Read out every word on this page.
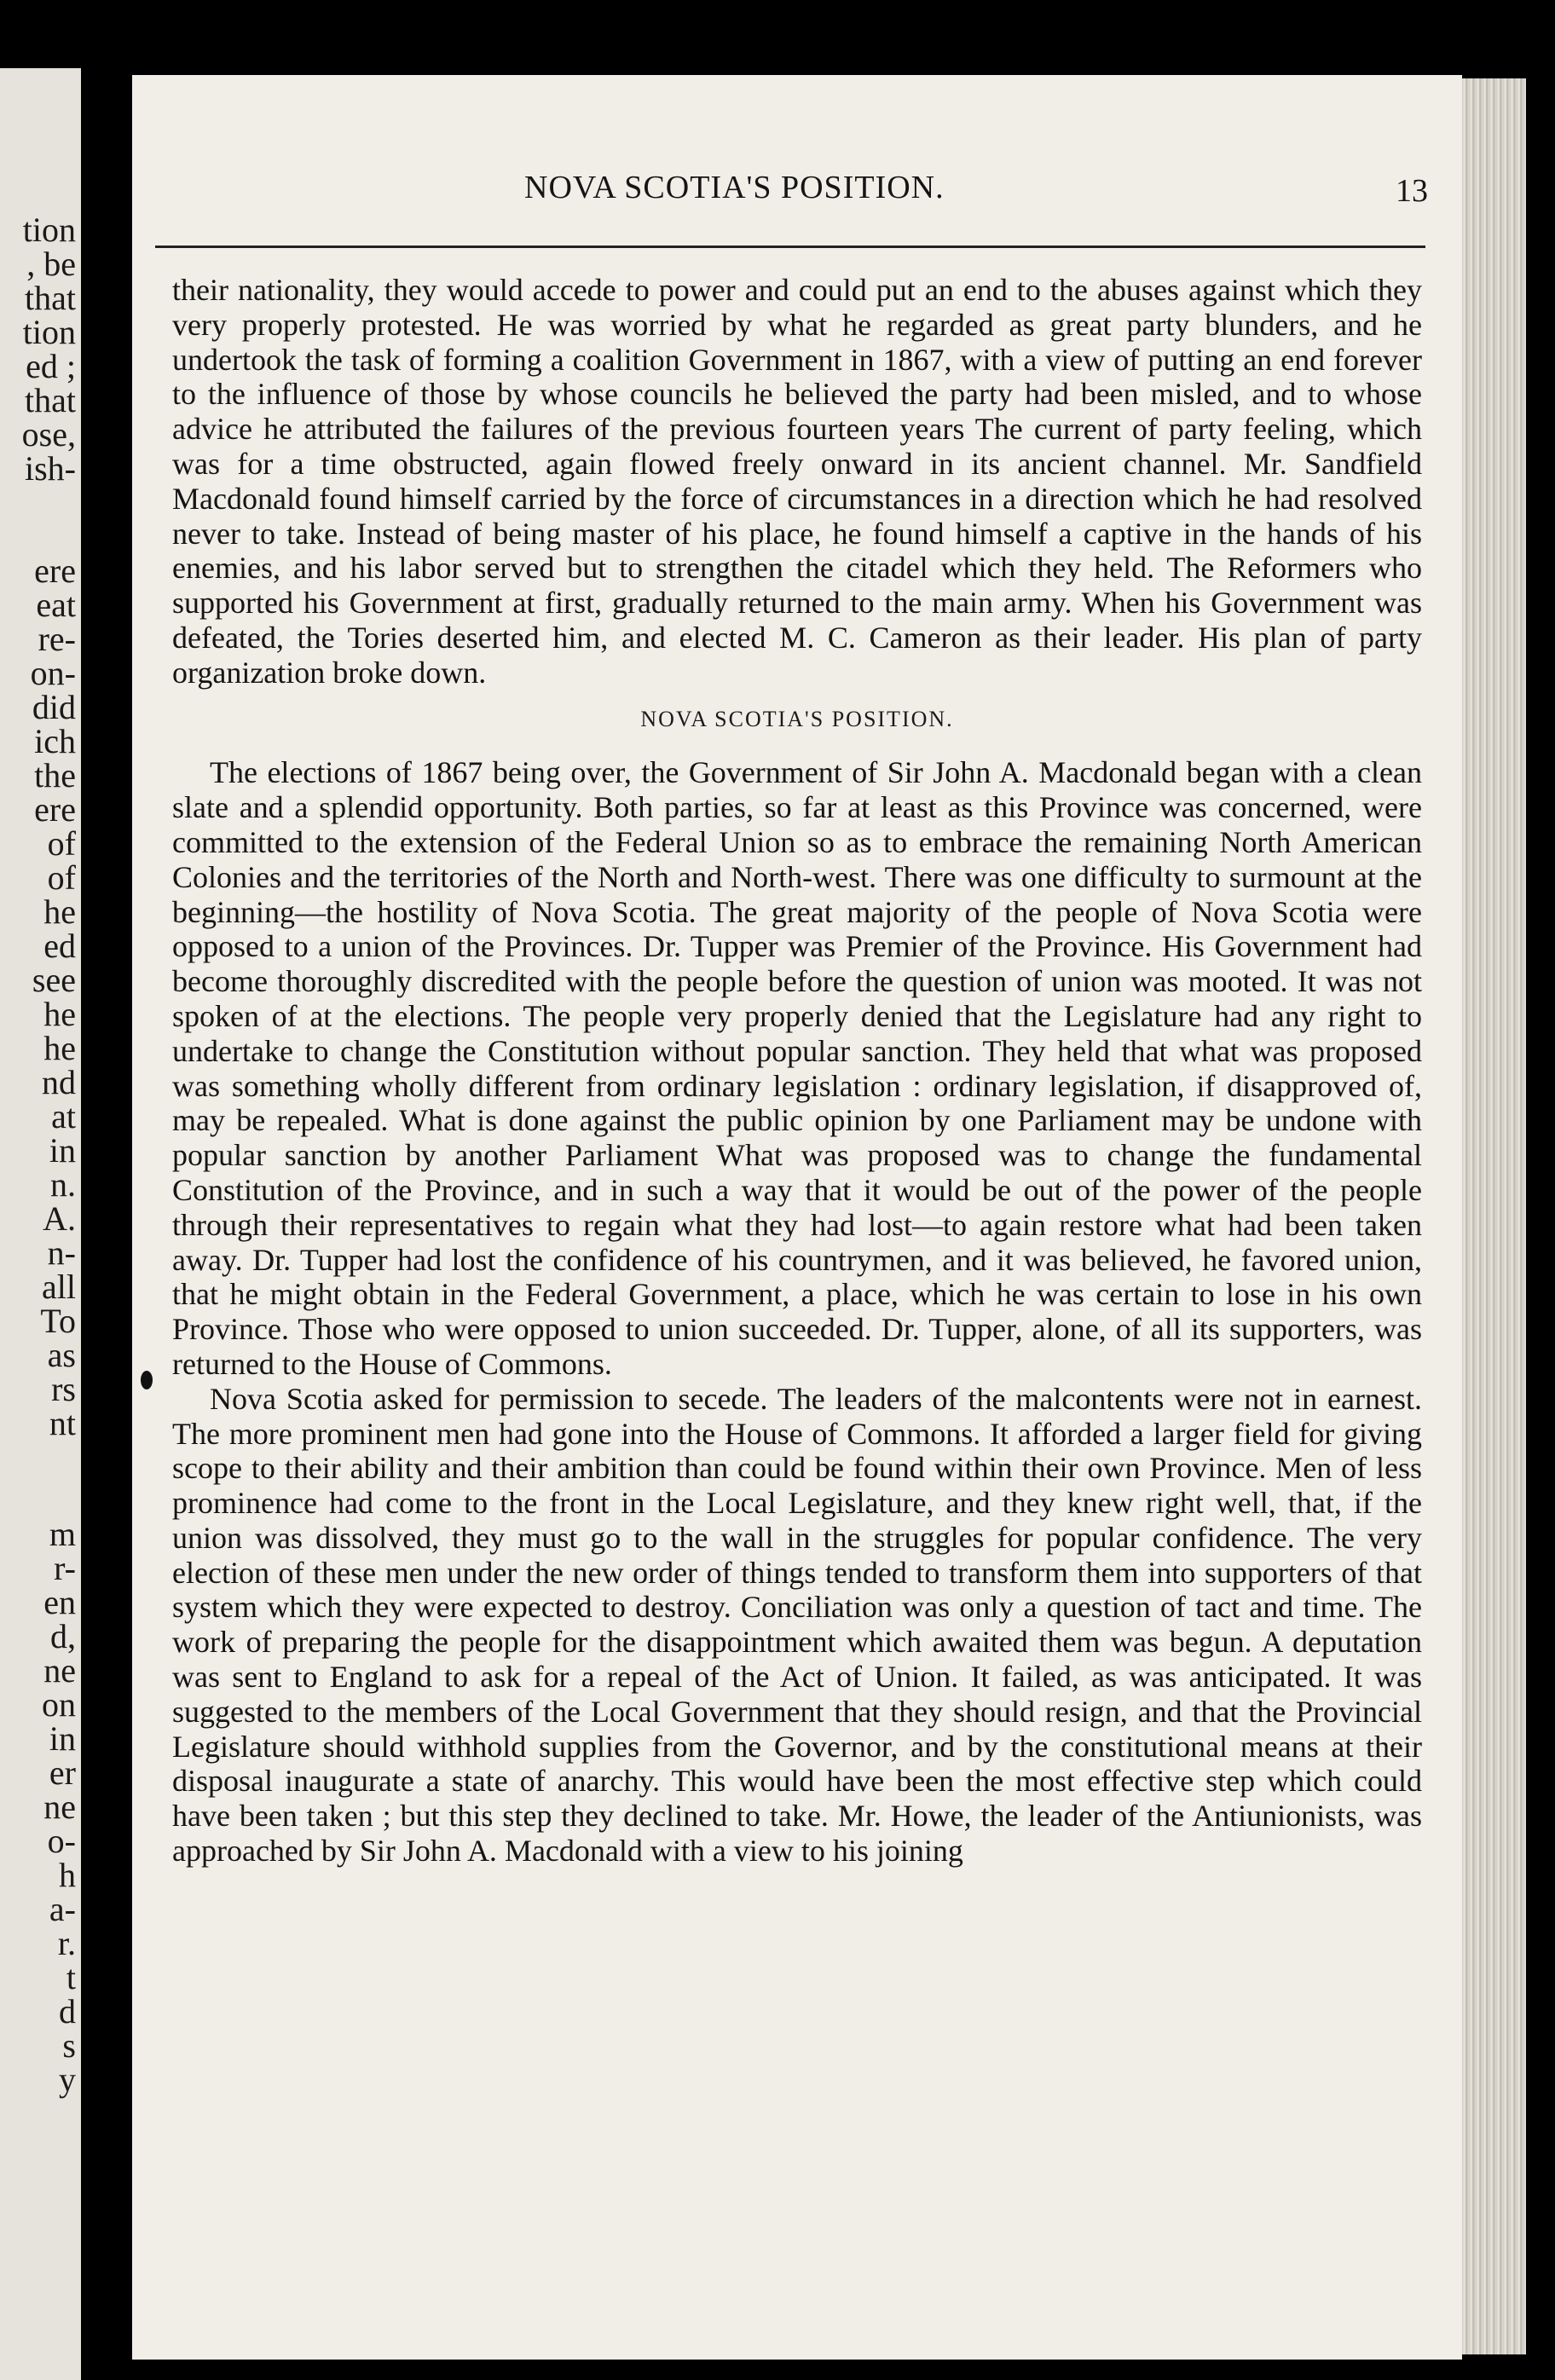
tion
, be
that
tion
ed ;
that
ose,
ish-
ere
eat
re-
on-
did
ich
the
ere
of
of
he
ed
see
he
he
nd
at
in
n.
A.
n-
all
To
as
rs
nt
m
r-
en
d,
ne
on
in
er
ne
o-
h
a-
r.
t
d
s
y
NOVA SCOTIA'S POSITION.	13

their nationality, they would accede to power and could put an end to the abuses against which they very properly protested. He was worried by what he regarded as great party blunders, and he undertook the task of forming a coalition Government in 1867, with a view of putting an end forever to the influence of those by whose councils he believed the party had been misled, and to whose advice he attributed the failures of the previous fourteen years The current of party feeling, which was for a time obstructed, again flowed freely onward in its ancient channel. Mr. Sandfield Macdonald found himself carried by the force of circumstances in a direction which he had resolved never to take. Instead of being master of his place, he found himself a captive in the hands of his enemies, and his labor served but to strengthen the citadel which they held. The Reformers who supported his Government at first, gradually returned to the main army. When his Government was defeated, the Tories deserted him, and elected M. C. Cameron as their leader. His plan of party organization broke down.

NOVA SCOTIA'S POSITION.

The elections of 1867 being over, the Government of Sir John A. Macdonald began with a clean slate and a splendid opportunity. Both parties, so far at least as this Province was concerned, were committed to the extension of the Federal Union so as to embrace the remaining North American Colonies and the territories of the North and North-west. There was one difficulty to surmount at the beginning—the hostility of Nova Scotia. The great majority of the people of Nova Scotia were opposed to a union of the Provinces. Dr. Tupper was Premier of the Province. His Government had become thoroughly discredited with the people before the question of union was mooted. It was not spoken of at the elections. The people very properly denied that the Legislature had any right to undertake to change the Constitution without popular sanction. They held that what was proposed was something wholly different from ordinary legislation : ordinary legislation, if disapproved of, may be repealed. What is done against the public opinion by one Parliament may be undone with popular sanction by another Parliament What was proposed was to change the fundamental Constitution of the Province, and in such a way that it would be out of the power of the people through their representatives to regain what they had lost—to again restore what had been taken away. Dr. Tupper had lost the confidence of his countrymen, and it was believed, he favored union, that he might obtain in the Federal Government, a place, which he was certain to lose in his own Province. Those who were opposed to union succeeded. Dr. Tupper, alone, of all its supporters, was returned to the House of Commons.

Nova Scotia asked for permission to secede. The leaders of the malcontents were not in earnest. The more prominent men had gone into the House of Commons. It afforded a larger field for giving scope to their ability and their ambition than could be found within their own Province. Men of less prominence had come to the front in the Local Legislature, and they knew right well, that, if the union was dissolved, they must go to the wall in the struggles for popular confidence. The very election of these men under the new order of things tended to transform them into supporters of that system which they were expected to destroy. Conciliation was only a question of tact and time. The work of preparing the people for the disappointment which awaited them was begun. A deputation was sent to England to ask for a repeal of the Act of Union. It failed, as was anticipated. It was suggested to the members of the Local Government that they should resign, and that the Provincial Legislature should withhold supplies from the Governor, and by the constitutional means at their disposal inaugurate a state of anarchy. This would have been the most effective step which could have been taken ; but this step they declined to take. Mr. Howe, the leader of the Antiunionists, was approached by Sir John A. Macdonald with a view to his joining
